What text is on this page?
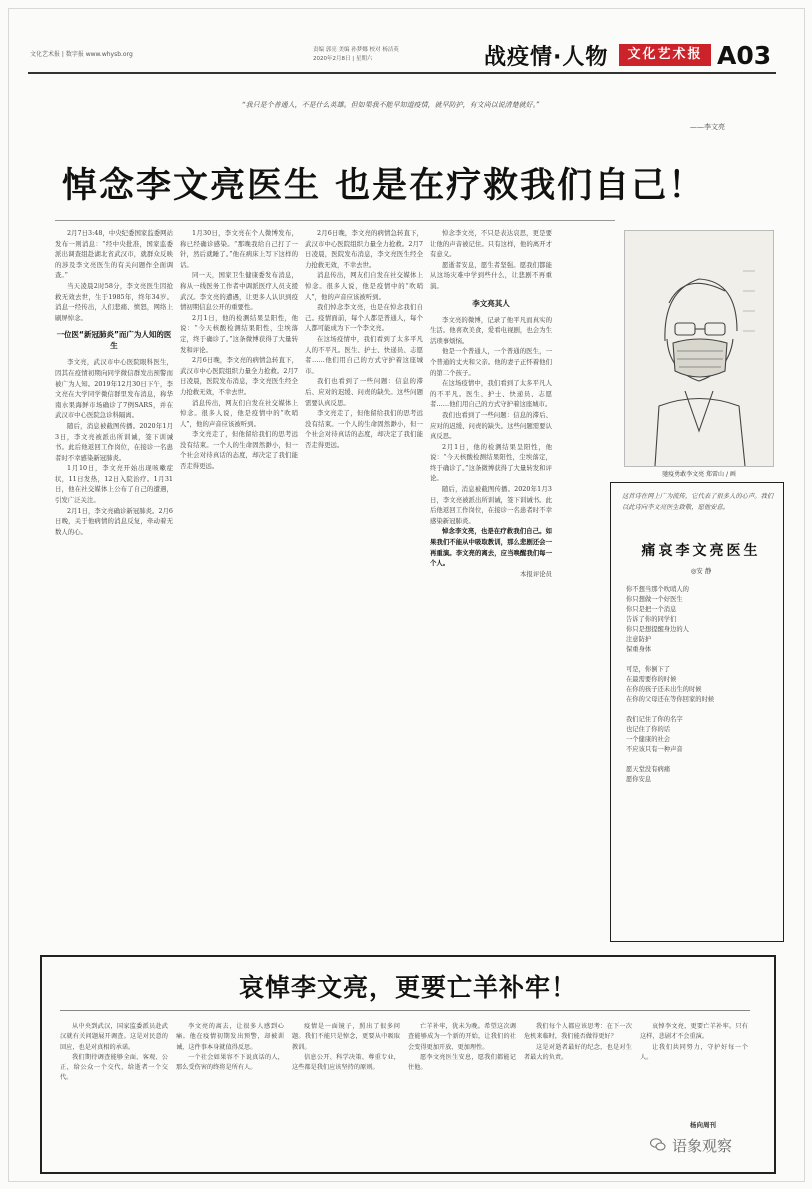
文化艺术报 | 数字报 www.whysb.org
责编 郭亮 美编 孙梦娜 校对 杨洁英
2020年2月8日 | 星期六	战疫情·人物	文化艺术报 A03
“我只是个普通人，不是什么英雄。但如果我不能早知道疫情，就早防护，有文尚以说清楚就好。”
——李文亮
悼念李文亮医生 也是在疗救我们自己！

2月7日3:48，中央纪委国家监委网站发布一则消息：“经中央批准，国家监委派出调查组赴湖北省武汉市，就群众反映的涉及李文亮医生的有关问题作全面调查。”

当天凌晨2时58分，李文亮医生因抢救无效去世，生于1985年，终年34岁。消息一经传出，人们悲痛、愤怒，网络上刷屏悼念。

一位医“新冠肺炎”而广为人知的医生

李文亮，武汉市中心医院眼科医生，因其在疫情初期向同学微信群发出预警而被广为人知。2019年12月30日下午，李文亮在大学同学微信群里发布消息，称华南水果海鲜市场确诊了7例SARS，并在武汉市中心医院急诊科隔离。

随后，消息被截图传播。2020年1月3日，李文亮被派出所训诫，签下训诫书。此后他返回工作岗位，在接诊一名患者时不幸感染新冠肺炎。

1月10日，李文亮开始出现咳嗽症状，11日发热，12日入院治疗。1月31日，他在社交媒体上公布了自己的遭遇，引发广泛关注。

2月1日，李文亮确诊新冠肺炎。2月6日晚，关于他病情的消息反复，牵动着无数人的心。

1月30日，李文亮在个人微博发布，称已经确诊感染。“那晚我给自己打了一针，然后就睡了。”他在病床上写下这样的话。

同一天，国家卫生健康委发布消息，称从一线医务工作者中调派医疗人员支援武汉。李文亮的遭遇，让更多人认识到疫情初期信息公开的重要性。

2月1日，他的检测结果呈阳性，他说：“今天核酸检测结果阳性，尘埃落定，终于确诊了。”这条微博获得了大量转发和评论。

2月6日晚，李文亮的病情急转直下，武汉市中心医院组织力量全力抢救。2月7日凌晨，医院发布消息，李文亮医生经全力抢救无效，不幸去世。

消息传出，网友们自发在社交媒体上悼念。很多人说，他是疫情中的“吹哨人”，他的声音应该被听到。

李文亮走了，但他留给我们的思考远没有结束。一个人的生命固然渺小，但一个社会对待真话的态度，却决定了我们能否走得更远。

2月6日晚，李文亮的病情急转直下，武汉市中心医院组织力量全力抢救。2月7日凌晨，医院发布消息，李文亮医生经全力抢救无效，不幸去世。

消息传出，网友们自发在社交媒体上悼念。很多人说，他是疫情中的“吹哨人”，他的声音应该被听到。

我们悼念李文亮，也是在悼念我们自己。疫情面前，每个人都是普通人，每个人都可能成为下一个李文亮。

在这场疫情中，我们看到了太多平凡人的不平凡。医生、护士、快递员、志愿者……他们用自己的方式守护着这座城市。

我们也看到了一些问题：信息的滞后、应对的迟缓、问责的缺失。这些问题需要认真反思。

李文亮走了，但他留给我们的思考远没有结束。一个人的生命固然渺小，但一个社会对待真话的态度，却决定了我们能否走得更远。

悼念李文亮，不只是表达哀思，更是要让他的声音被记住。只有这样，他的离开才有意义。

愿逝者安息，愿生者坚强。愿我们都能从这场灾难中学到些什么，让悲剧不再重演。

李文亮其人

李文亮的微博，记录了他平凡而真实的生活。他喜欢美食，爱看电视剧，也会为生活琐事烦恼。

他是一个普通人，一个普通的医生，一个普通的丈夫和父亲。他的妻子正怀着他们的第二个孩子。

在这场疫情中，我们看到了太多平凡人的不平凡。医生、护士、快递员、志愿者……他们用自己的方式守护着这座城市。

我们也看到了一些问题：信息的滞后、应对的迟缓、问责的缺失。这些问题需要认真反思。

2月1日，他的检测结果呈阳性，他说：“今天核酸检测结果阳性，尘埃落定，终于确诊了。”这条微博获得了大量转发和评论。

随后，消息被截图传播。2020年1月3日，李文亮被派出所训诫，签下训诫书。此后他返回工作岗位，在接诊一名患者时不幸感染新冠肺炎。

悼念李文亮，也是在疗救我们自己。如果我们不能从中吸取教训，那么悲剧还会一再重演。李文亮的离去，应当唤醒我们每一个人。

本报评论员

驰疫勇敢李文亮 郑雷山 / 画
这首诗在网上广为流传，它代表了很多人的心声。我们以此诗向李文亮医生致敬，愿他安息。
痛哀李文亮医生
◎安 静
你不想当那个吹哨人的
你只想做一个好医生
你只是把一个消息
告诉了你的同学们
你只是想提醒身边的人
注意防护
保重身体
可是，你倒下了
在最需要你的时候
在你的孩子还未出生的时候
在你的父母还在等你回家的时候
我们记住了你的名字
也记住了你的话
一个健康的社会
不应该只有一种声音
愿天堂没有病痛
愿你安息
哀悼李文亮，更要亡羊补牢！

从中央到武汉，国家监委派员赴武汉就有关问题展开调查。这是对民意的回应，也是对真相的承诺。

我们期待调查能够全面、客观、公正，给公众一个交代，给逝者一个交代。

李文亮的离去，让很多人感到心痛。他在疫情初期发出预警，却被训诫，这件事本身就值得反思。

一个社会如果容不下说真话的人，那么受伤害的终将是所有人。

疫情是一面镜子，照出了很多问题。我们不能只是悼念，更要从中吸取教训。

信息公开、科学决策、尊重专业，这些都是我们应该坚持的原则。

亡羊补牢，犹未为晚。希望这次调查能够成为一个新的开始，让我们的社会变得更加开放、更加理性。

愿李文亮医生安息，愿我们都能记住他。

我们每个人都应该思考：在下一次危机来临时，我们能否做得更好？

这是对逝者最好的纪念，也是对生者最大的负责。

哀悼李文亮，更要亡羊补牢。只有这样，悲剧才不会重演。

让我们共同努力，守护好每一个人。

杨向周刊
语象观察
